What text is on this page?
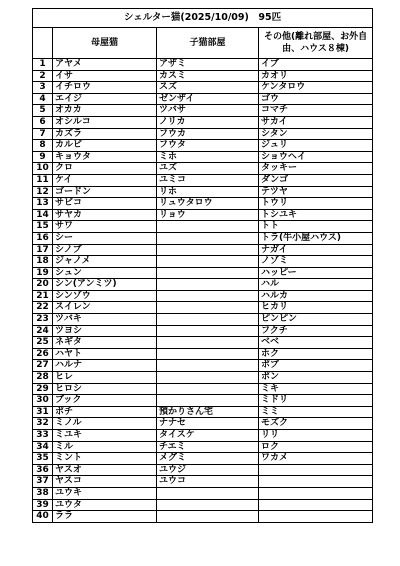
シェルター猫(2025/10/09)　95匹			
	母屋猫	子猫部屋	その他(離れ部屋、お外自由、ハウス８棟)
1	アヤメ	アザミ	イブ
2	イサ	カスミ	カオリ
3	イチロウ	スズ	ケンタロウ
4	エイジ	ゼンザイ	ゴウ
5	オカカ	ツバサ	コマチ
6	オシルコ	ノリカ	サカイ
7	カズラ	フウカ	シタン
8	カルビ	フウタ	ジュリ
9	キョウタ	ミホ	ショウヘイ
10	クロ	ユズ	タッキー
11	ケイ	ユミコ	ダンゴ
12	ゴードン	リホ	テツヤ
13	サビコ	リュウタロウ	トウリ
14	サヤカ	リョウ	トシユキ
15	サワ		トト
16	シー		トラ(牛小屋ハウス)
17	シノブ		ナガイ
18	ジャノメ		ノゾミ
19	シュン		ハッピー
20	シン(アンミツ)		ハル
21	シンゾウ		ハルカ
22	スイレン		ヒカリ
23	ツバキ		ピンピン
24	ツヨシ		フクチ
25	ネギタ		ベベ
26	ハヤト		ホク
27	ハルナ		ポプ
28	ヒレ		ポン
29	ヒロシ		ミキ
30	ブック		ミドリ
31	ポチ	預かりさん宅	ミミ
32	ミノル	ナナセ	モズク
33	ミユキ	タイスケ	リリ
34	ミル	チエミ	ロク
35	ミント	メグミ	ワカメ
36	ヤスオ	ユウジ	
37	ヤスコ	ユウコ	
38	ユウキ		
39	ユウタ		
40	ララ		
